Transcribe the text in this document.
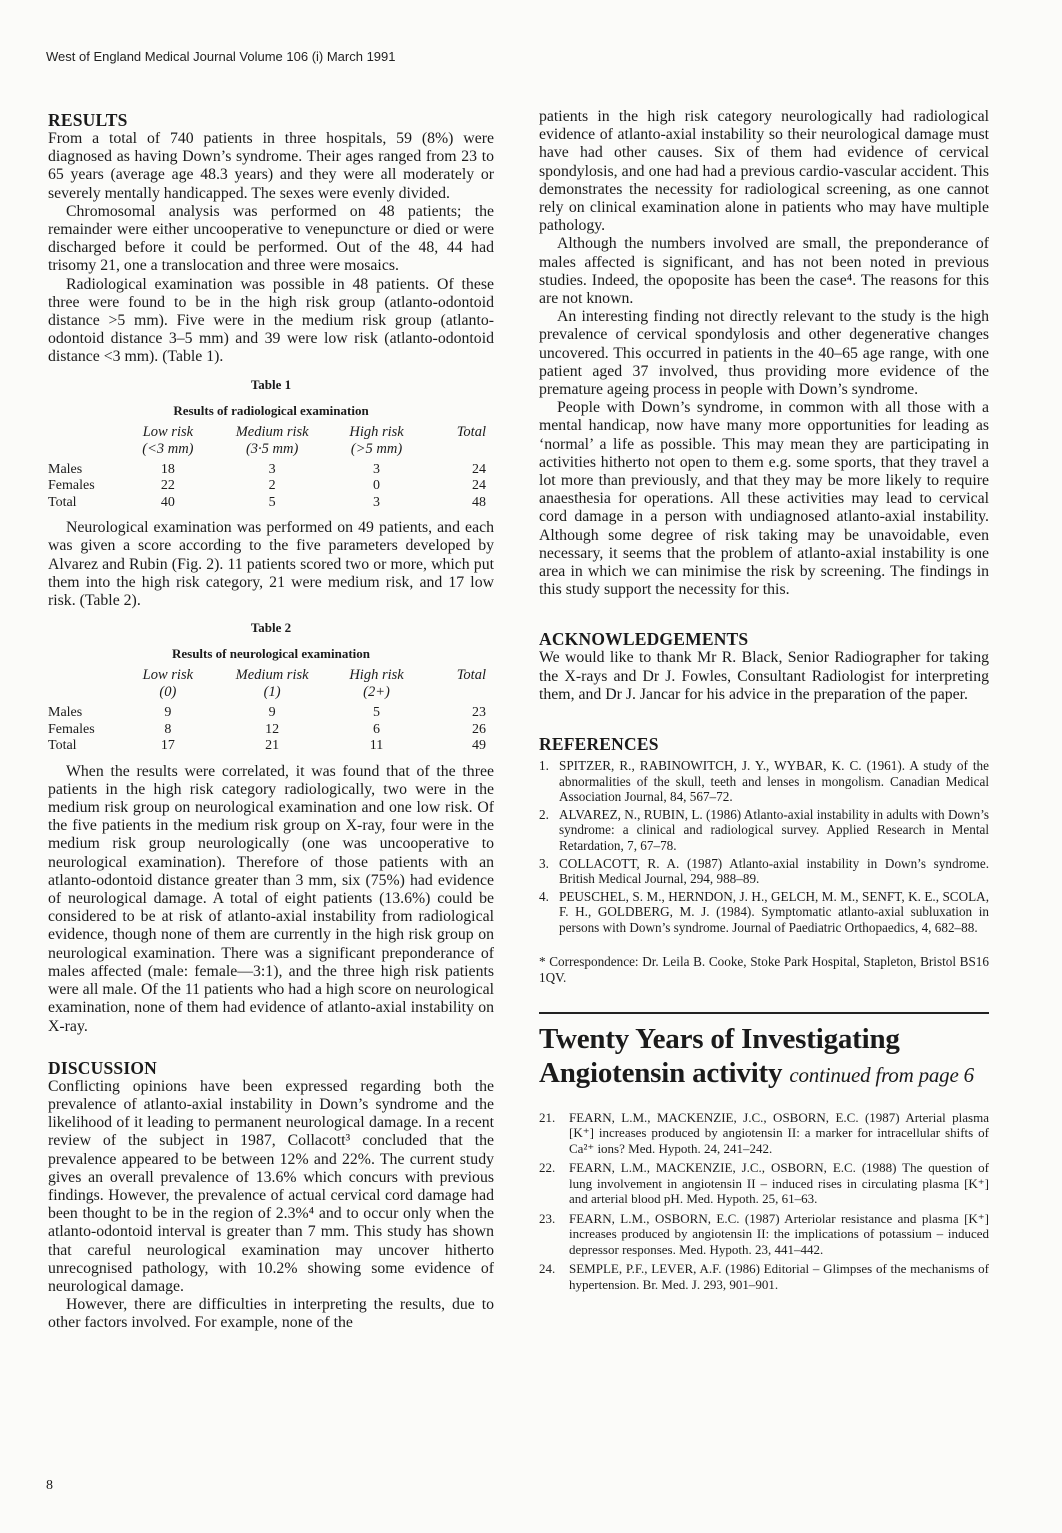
West of England Medical Journal Volume 106 (i) March 1991
RESULTS

From a total of 740 patients in three hospitals, 59 (8%) were diagnosed as having Down’s syndrome. Their ages ranged from 23 to 65 years (average age 48.3 years) and they were all moderately or severely mentally handicapped. The sexes were evenly divided.

Chromosomal analysis was performed on 48 patients; the remainder were either uncooperative to venepuncture or died or were discharged before it could be performed. Out of the 48, 44 had trisomy 21, one a translocation and three were mosaics.

Radiological examination was possible in 48 patients. Of these three were found to be in the high risk group (atlanto-odontoid distance >5 mm). Five were in the medium risk group (atlanto-odontoid distance 3–5 mm) and 39 were low risk (atlanto-odontoid distance <3 mm). (Table 1).

Table 1
Results of radiological examination
	Low risk	Medium risk	High risk	Total
	(<3 mm)	(3·5 mm)	(>5 mm)	

Males	18	3	3	24
Females	22	2	0	24
Total	40	5	3	48

Neurological examination was performed on 49 patients, and each was given a score according to the five parameters developed by Alvarez and Rubin (Fig. 2). 11 patients scored two or more, which put them into the high risk category, 21 were medium risk, and 17 low risk. (Table 2).

Table 2
Results of neurological examination
	Low risk	Medium risk	High risk	Total
	(0)	(1)	(2+)	

Males	9	9	5	23
Females	8	12	6	26
Total	17	21	11	49

When the results were correlated, it was found that of the three patients in the high risk category radiologically, two were in the medium risk group on neurological examination and one low risk. Of the five patients in the medium risk group on X-ray, four were in the medium risk group neurologically (one was uncooperative to neurological examination). Therefore of those patients with an atlanto-odontoid distance greater than 3 mm, six (75%) had evidence of neurological damage. A total of eight patients (13.6%) could be considered to be at risk of atlanto-axial instability from radiological evidence, though none of them are currently in the high risk group on neurological examination. There was a significant preponderance of males affected (male: female—3:1), and the three high risk patients were all male. Of the 11 patients who had a high score on neurological examination, none of them had evidence of atlanto-axial instability on X-ray.

DISCUSSION

Conflicting opinions have been expressed regarding both the prevalence of atlanto-axial instability in Down’s syndrome and the likelihood of it leading to permanent neurological damage. In a recent review of the subject in 1987, Collacott³ concluded that the prevalence appeared to be between 12% and 22%. The current study gives an overall prevalence of 13.6% which concurs with previous findings. However, the prevalence of actual cervical cord damage had been thought to be in the region of 2.3%⁴ and to occur only when the atlanto-odontoid interval is greater than 7 mm. This study has shown that careful neurological examination may uncover hitherto unrecognised pathology, with 10.2% showing some evidence of neurological damage.

However, there are difficulties in interpreting the results, due to other factors involved. For example, none of the

patients in the high risk category neurologically had radiological evidence of atlanto-axial instability so their neurological damage must have had other causes. Six of them had evidence of cervical spondylosis, and one had had a previous cardio-vascular accident. This demonstrates the necessity for radiological screening, as one cannot rely on clinical examination alone in patients who may have multiple pathology.

Although the numbers involved are small, the preponderance of males affected is significant, and has not been noted in previous studies. Indeed, the opoposite has been the case⁴. The reasons for this are not known.

An interesting finding not directly relevant to the study is the high prevalence of cervical spondylosis and other degenerative changes uncovered. This occurred in patients in the 40–65 age range, with one patient aged 37 involved, thus providing more evidence of the premature ageing process in people with Down’s syndrome.

People with Down’s syndrome, in common with all those with a mental handicap, now have many more opportunities for leading as ‘normal’ a life as possible. This may mean they are participating in activities hitherto not open to them e.g. some sports, that they travel a lot more than previously, and that they may be more likely to require anaesthesia for operations. All these activities may lead to cervical cord damage in a person with undiagnosed atlanto-axial instability. Although some degree of risk taking may be unavoidable, even necessary, it seems that the problem of atlanto-axial instability is one area in which we can minimise the risk by screening. The findings in this study support the necessity for this.

ACKNOWLEDGEMENTS

We would like to thank Mr R. Black, Senior Radiographer for taking the X-rays and Dr J. Fowles, Consultant Radiologist for interpreting them, and Dr J. Jancar for his advice in the preparation of the paper.

REFERENCES
1. SPITZER, R., RABINOWITCH, J. Y., WYBAR, K. C. (1961). A study of the abnormalities of the skull, teeth and lenses in mongolism. Canadian Medical Association Journal, 84, 567–72.
2. ALVAREZ, N., RUBIN, L. (1986) Atlanto-axial instability in adults with Down’s syndrome: a clinical and radiological survey. Applied Research in Mental Retardation, 7, 67–78.
3. COLLACOTT, R. A. (1987) Atlanto-axial instability in Down’s syndrome. British Medical Journal, 294, 988–89.
4. PEUSCHEL, S. M., HERNDON, J. H., GELCH, M. M., SENFT, K. E., SCOLA, F. H., GOLDBERG, M. J. (1984). Symptomatic atlanto-axial subluxation in persons with Down’s syndrome. Journal of Paediatric Orthopaedics, 4, 682–88.
* Correspondence: Dr. Leila B. Cooke, Stoke Park Hospital, Stapleton, Bristol BS16 1QV.
Twenty Years of Investigating Angiotensin activity continued from page 6
21. FEARN, L.M., MACKENZIE, J.C., OSBORN, E.C. (1987) Arterial plasma [K⁺] increases produced by angiotensin II: a marker for intracellular shifts of Ca²⁺ ions? Med. Hypoth. 24, 241–242.
22. FEARN, L.M., MACKENZIE, J.C., OSBORN, E.C. (1988) The question of lung involvement in angiotensin II – induced rises in circulating plasma [K⁺] and arterial blood pH. Med. Hypoth. 25, 61–63.
23. FEARN, L.M., OSBORN, E.C. (1987) Arteriolar resistance and plasma [K⁺] increases produced by angiotensin II: the implications of potassium – induced depressor responses. Med. Hypoth. 23, 441–442.
24. SEMPLE, P.F., LEVER, A.F. (1986) Editorial – Glimpses of the mechanisms of hypertension. Br. Med. J. 293, 901–901.
8
